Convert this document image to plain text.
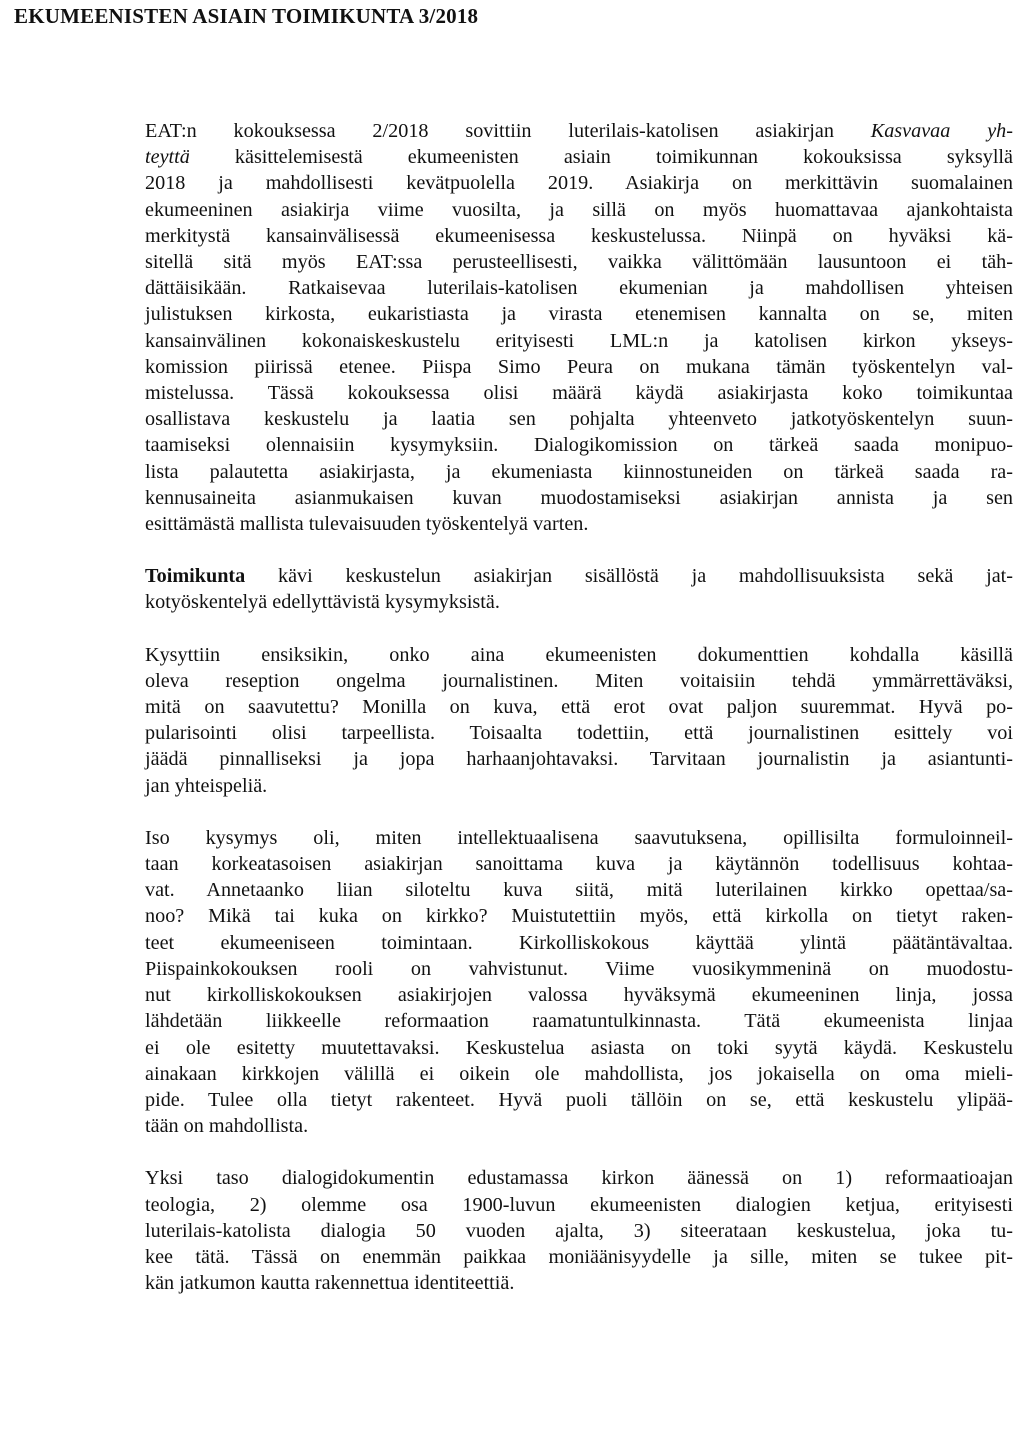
EKUMEENISTEN ASIAIN TOIMIKUNTA 3/2018

EAT:n kokouksessa 2/2018 sovittiin luterilais-katolisen asiakirjan Kasvavaa yh-
teyttä käsittelemisestä ekumeenisten asiain toimikunnan kokouksissa syksyllä
2018 ja mahdollisesti kevätpuolella 2019. Asiakirja on merkittävin suomalainen
ekumeeninen asiakirja viime vuosilta, ja sillä on myös huomattavaa ajankohtaista
merkitystä kansainvälisessä ekumeenisessa keskustelussa. Niinpä on hyväksi kä-
sitellä sitä myös EAT:ssa perusteellisesti, vaikka välittömään lausuntoon ei täh-
dättäisikään. Ratkaisevaa luterilais-katolisen ekumenian ja mahdollisen yhteisen
julistuksen kirkosta, eukaristiasta ja virasta etenemisen kannalta on se, miten
kansainvälinen kokonaiskeskustelu erityisesti LML:n ja katolisen kirkon ykseys-
komission piirissä etenee. Piispa Simo Peura on mukana tämän työskentelyn val-
mistelussa. Tässä kokouksessa olisi määrä käydä asiakirjasta koko toimikuntaa
osallistava keskustelu ja laatia sen pohjalta yhteenveto jatkotyöskentelyn suun-
taamiseksi olennaisiin kysymyksiin. Dialogikomission on tärkeä saada monipuo-
lista palautetta asiakirjasta, ja ekumeniasta kiinnostuneiden on tärkeä saada ra-
kennusaineita asianmukaisen kuvan muodostamiseksi asiakirjan annista ja sen
esittämästä mallista tulevaisuuden työskentelyä varten.

Toimikunta kävi keskustelun asiakirjan sisällöstä ja mahdollisuuksista sekä jat-
kotyöskentelyä edellyttävistä kysymyksistä.

Kysyttiin ensiksikin, onko aina ekumeenisten dokumenttien kohdalla käsillä
oleva reseption ongelma journalistinen. Miten voitaisiin tehdä ymmärrettäväksi,
mitä on saavutettu? Monilla on kuva, että erot ovat paljon suuremmat. Hyvä po-
pularisointi olisi tarpeellista. Toisaalta todettiin, että journalistinen esittely voi
jäädä pinnalliseksi ja jopa harhaanjohtavaksi. Tarvitaan journalistin ja asiantunti-
jan yhteispeliä.

Iso kysymys oli, miten intellektuaalisena saavutuksena, opillisilta formuloinneil-
taan korkeatasoisen asiakirjan sanoittama kuva ja käytännön todellisuus kohtaa-
vat. Annetaanko liian siloteltu kuva siitä, mitä luterilainen kirkko opettaa/sa-
noo? Mikä tai kuka on kirkko? Muistutettiin myös, että kirkolla on tietyt raken-
teet ekumeeniseen toimintaan. Kirkolliskokous käyttää ylintä päätäntävaltaa.
Piispainkokouksen rooli on vahvistunut. Viime vuosikymmeninä on muodostu-
nut kirkolliskokouksen asiakirjojen valossa hyväksymä ekumeeninen linja, jossa
lähdetään liikkeelle reformaation raamatuntulkinnasta. Tätä ekumeenista linjaa
ei ole esitetty muutettavaksi. Keskustelua asiasta on toki syytä käydä. Keskustelu
ainakaan kirkkojen välillä ei oikein ole mahdollista, jos jokaisella on oma mieli-
pide. Tulee olla tietyt rakenteet. Hyvä puoli tällöin on se, että keskustelu ylipää-
tään on mahdollista.

Yksi taso dialogidokumentin edustamassa kirkon äänessä on 1) reformaatioajan
teologia, 2) olemme osa 1900-luvun ekumeenisten dialogien ketjua, erityisesti
luterilais-katolista dialogia 50 vuoden ajalta, 3) siteerataan keskustelua, joka tu-
kee tätä. Tässä on enemmän paikkaa moniäänisyydelle ja sille, miten se tukee pit-
kän jatkumon kautta rakennettua identiteettiä.
